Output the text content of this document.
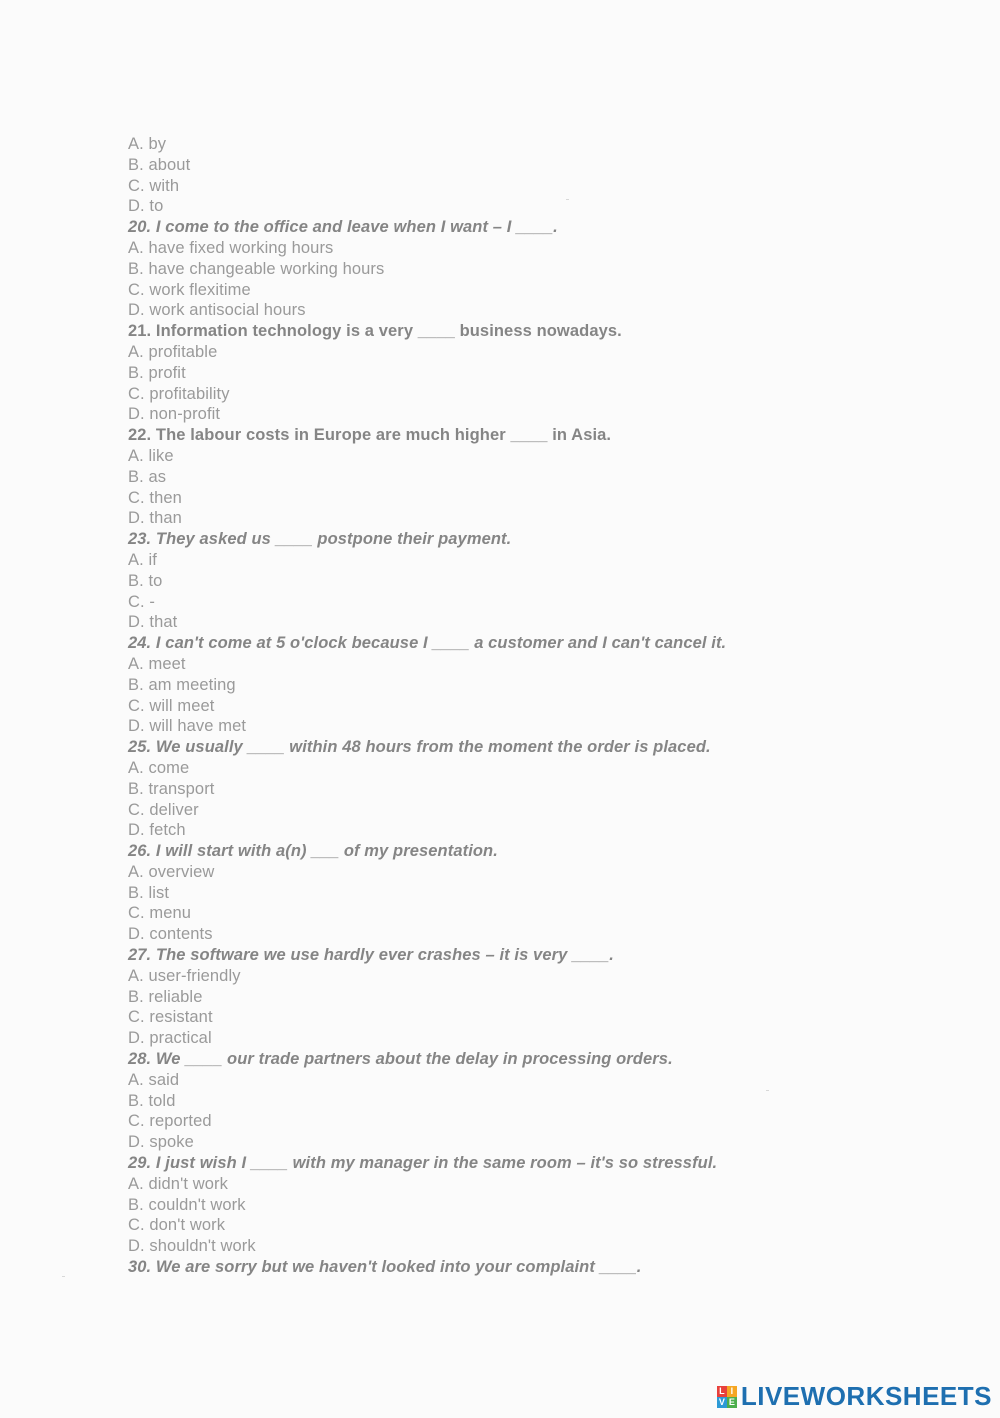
A. by
B. about
C. with
D. to
20. I come to the office and leave when I want – I ____.
A. have fixed working hours
B. have changeable working hours
C. work flexitime
D. work antisocial hours
21. Information technology is a very ____ business nowadays.
A. profitable
B. profit
C. profitability
D. non-profit
22. The labour costs in Europe are much higher ____ in Asia.
A. like
B. as
C. then
D. than
23. They asked us ____ postpone their payment.
A. if
B. to
C. -
D. that
24. I can't come at 5 o'clock because I ____ a customer and I can't cancel it.
A. meet
B. am meeting
C. will meet
D. will have met
25. We usually ____ within 48 hours from the moment the order is placed.
A. come
B. transport
C. deliver
D. fetch
26. I will start with a(n) ___ of my presentation.
A. overview
B. list
C. menu
D. contents
27. The software we use hardly ever crashes – it is very ____.
A. user-friendly
B. reliable
C. resistant
D. practical
28. We ____ our trade partners about the delay in processing orders.
A. said
B. told
C. reported
D. spoke
29. I just wish I ____ with my manager in the same room – it's so stressful.
A. didn't work
B. couldn't work
C. don't work
D. shouldn't work
30. We are sorry but we haven't looked into your complaint ____.
L I
V E LIVEWORKSHEETS
